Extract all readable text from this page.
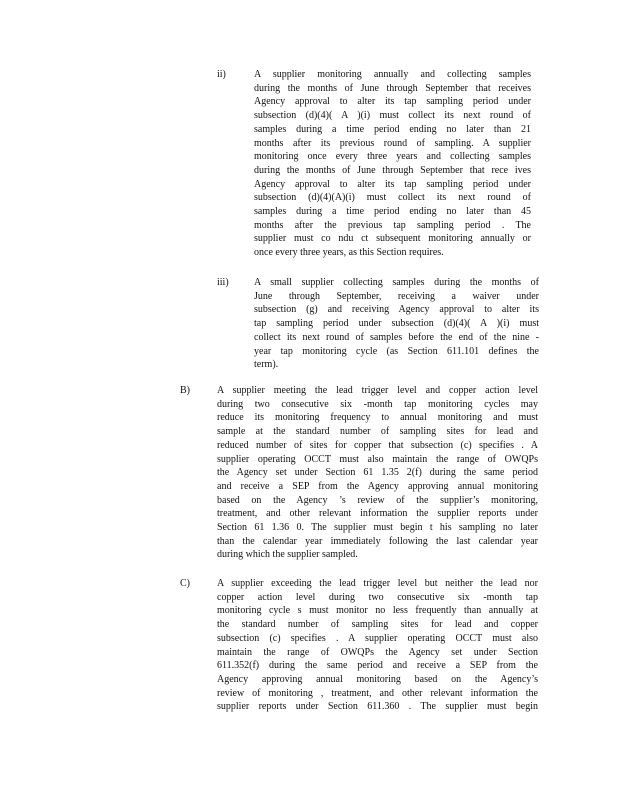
ii)	A supplier monitoring annually and collecting samples
during the months of June through September that receives
Agency approval to alter its tap sampling period under
subsection (d)(4)( A )(i) must collect its next round of
samples during a time period ending no later than 21
months after its previous round of sampling. A supplier
monitoring once every three years and collecting samples
during the months of June through September that rece ives
Agency approval to alter its tap sampling period under
subsection (d)(4)(A)(i) must collect its next round of
samples during a time period ending no later than 45
months after the previous tap sampling period . The
supplier must co ndu ct subsequent monitoring annually or
once every three years, as this Section requires.
iii)	A small supplier collecting samples during the months of
June through September, receiving a waiver under
subsection (g) and receiving Agency approval to alter its
tap sampling period under subsection (d)(4)( A )(i) must
collect its next round of samples before the end of the nine -
year tap monitoring cycle (as Section 611.101 defines the
term).
B)	A supplier meeting the lead trigger level and copper action level
during two consecutive six -month tap monitoring cycles may
reduce its monitoring frequency to annual monitoring and must
sample at the standard number of sampling sites for lead and
reduced number of sites for copper that subsection (c) specifies . A
supplier operating OCCT must also maintain the range of OWQPs
the Agency set under Section 61 1.35 2(f) during the same period
and receive a SEP from the Agency approving annual monitoring
based on the Agency ’s review of the supplier’s monitoring,
treatment, and other relevant information the supplier reports under
Section 61 1.36 0. The supplier must begin t his sampling no later
than the calendar year immediately following the last calendar year
during which the supplier sampled.
C)	A supplier exceeding the lead trigger level but neither the lead nor
copper action level during two consecutive six -month tap
monitoring cycle s must monitor no less frequently than annually at
the standard number of sampling sites for lead and copper
subsection (c) specifies . A supplier operating OCCT must also
maintain the range of OWQPs the Agency set under Section
611.352(f) during the same period and receive a SEP from the
Agency approving annual monitoring based on the Agency’s
review of monitoring , treatment, and other relevant information the
supplier reports under Section 611.360 . The supplier must begin
